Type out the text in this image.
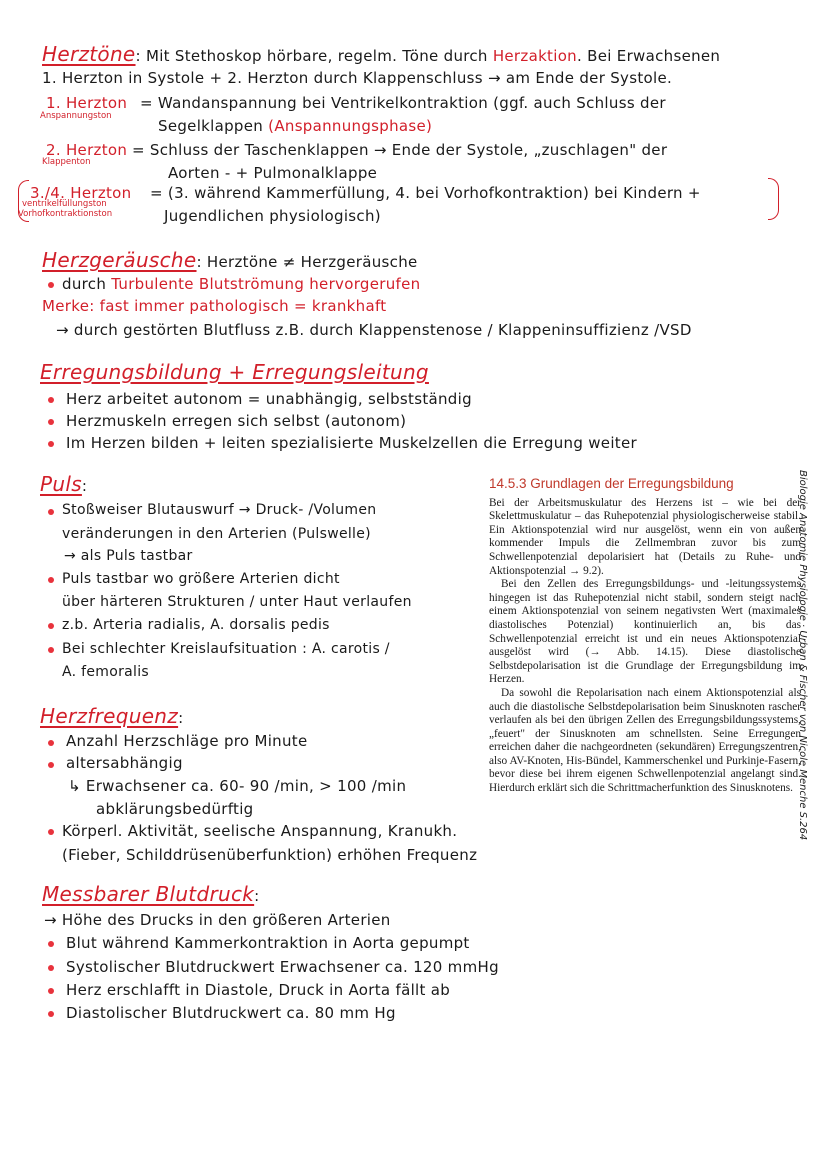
Herztöne: Mit Stethoskop hörbare, regelm. Töne durch Herzaktion. Bei Erwachsenen
1. Herzton in Systole + 2. Herzton durch Klappenschluss → am Ende der Systole.
1. Herzton
Anspannungston
= Wandanspannung bei Ventrikelkontraktion (ggf. auch Schluss der
Segelklappen (Anspannungsphase)
2. Herzton
Klappenton
= Schluss der Taschenklappen → Ende der Systole, „zuschlagen" der
Aorten - + Pulmonalklappe
3./4. Herzton
ventrikelfüllungston
Vorhofkontraktionston
= (3. während Kammerfüllung, 4. bei Vorhofkontraktion) bei Kindern +
Jugendlichen physiologisch)
Herzgeräusche: Herztöne ≠ Herzgeräusche
durch Turbulente Blutströmung hervorgerufen
Merke: fast immer pathologisch = krankhaft
→ durch gestörten Blutfluss z.B. durch Klappenstenose / Klappeninsuffizienz /VSD
Erregungsbildung + Erregungsleitung
Herz arbeitet autonom = unabhängig, selbstständig
Herzmuskeln erregen sich selbst (autonom)
Im Herzen bilden + leiten spezialisierte Muskelzellen die Erregung weiter
Puls:
Stoßweiser Blutauswurf → Druck- /Volumen
veränderungen in den Arterien (Pulswelle)
→ als Puls tastbar
Puls tastbar wo größere Arterien dicht
über härteren Strukturen / unter Haut verlaufen
z.b. Arteria radialis, A. dorsalis pedis
Bei schlechter Kreislaufsituation : A. carotis /
A. femoralis
Herzfrequenz:
Anzahl Herzschläge pro Minute
altersabhängig
↳ Erwachsener ca. 60- 90 /min, > 100 /min
abklärungsbedürftig
Körperl. Aktivität, seelische Anspannung, Kranukh.
(Fieber, Schilddrüsenüberfunktion) erhöhen Frequenz
Messbarer Blutdruck:
→ Höhe des Drucks in den größeren Arterien
Blut während Kammerkontraktion in Aorta gepumpt
Systolischer Blutdruckwert Erwachsener ca. 120 mmHg
Herz erschlafft in Diastole, Druck in Aorta fällt ab
Diastolischer Blutdruckwert ca. 80 mm Hg
14.5.3 Grundlagen der Erregungsbildung

Bei der Arbeitsmuskulatur des Herzens ist – wie bei der Skelettmuskulatur – das Ruhepotenzial physiologischerweise stabil. Ein Aktionspotenzial wird nur ausgelöst, wenn ein von außen kommender Impuls die Zellmembran zuvor bis zum Schwellenpotenzial depolarisiert hat (Details zu Ruhe- und Aktionspotenzial → 9.2).

Bei den Zellen des Erregungsbildungs- und -leitungssystems hingegen ist das Ruhepotenzial nicht stabil, sondern steigt nach einem Aktionspotenzial von seinem negativsten Wert (maximales diastolisches Potenzial) kontinuierlich an, bis das Schwellenpotenzial erreicht ist und ein neues Aktionspotenzial ausgelöst wird (→ Abb. 14.15). Diese diastolische Selbstdepolarisation ist die Grundlage der Erregungsbildung im Herzen.

Da sowohl die Repolarisation nach einem Aktionspotenzial als auch die diastolische Selbstdepolarisation beim Sinusknoten rascher verlaufen als bei den übrigen Zellen des Erregungsbildungssystems, „feuert" der Sinusknoten am schnellsten. Seine Erregungen erreichen daher die nachgeordneten (sekundären) Erregungszentren, also AV-Knoten, His-Bündel, Kammerschenkel und Purkinje-Fasern, bevor diese bei ihrem eigenen Schwellenpotenzial angelangt sind. Hierdurch erklärt sich die Schrittmacherfunktion des Sinusknotens. Biologie Anatomie Physiologie · Urban & Fischer von Nicole Menche S.264
